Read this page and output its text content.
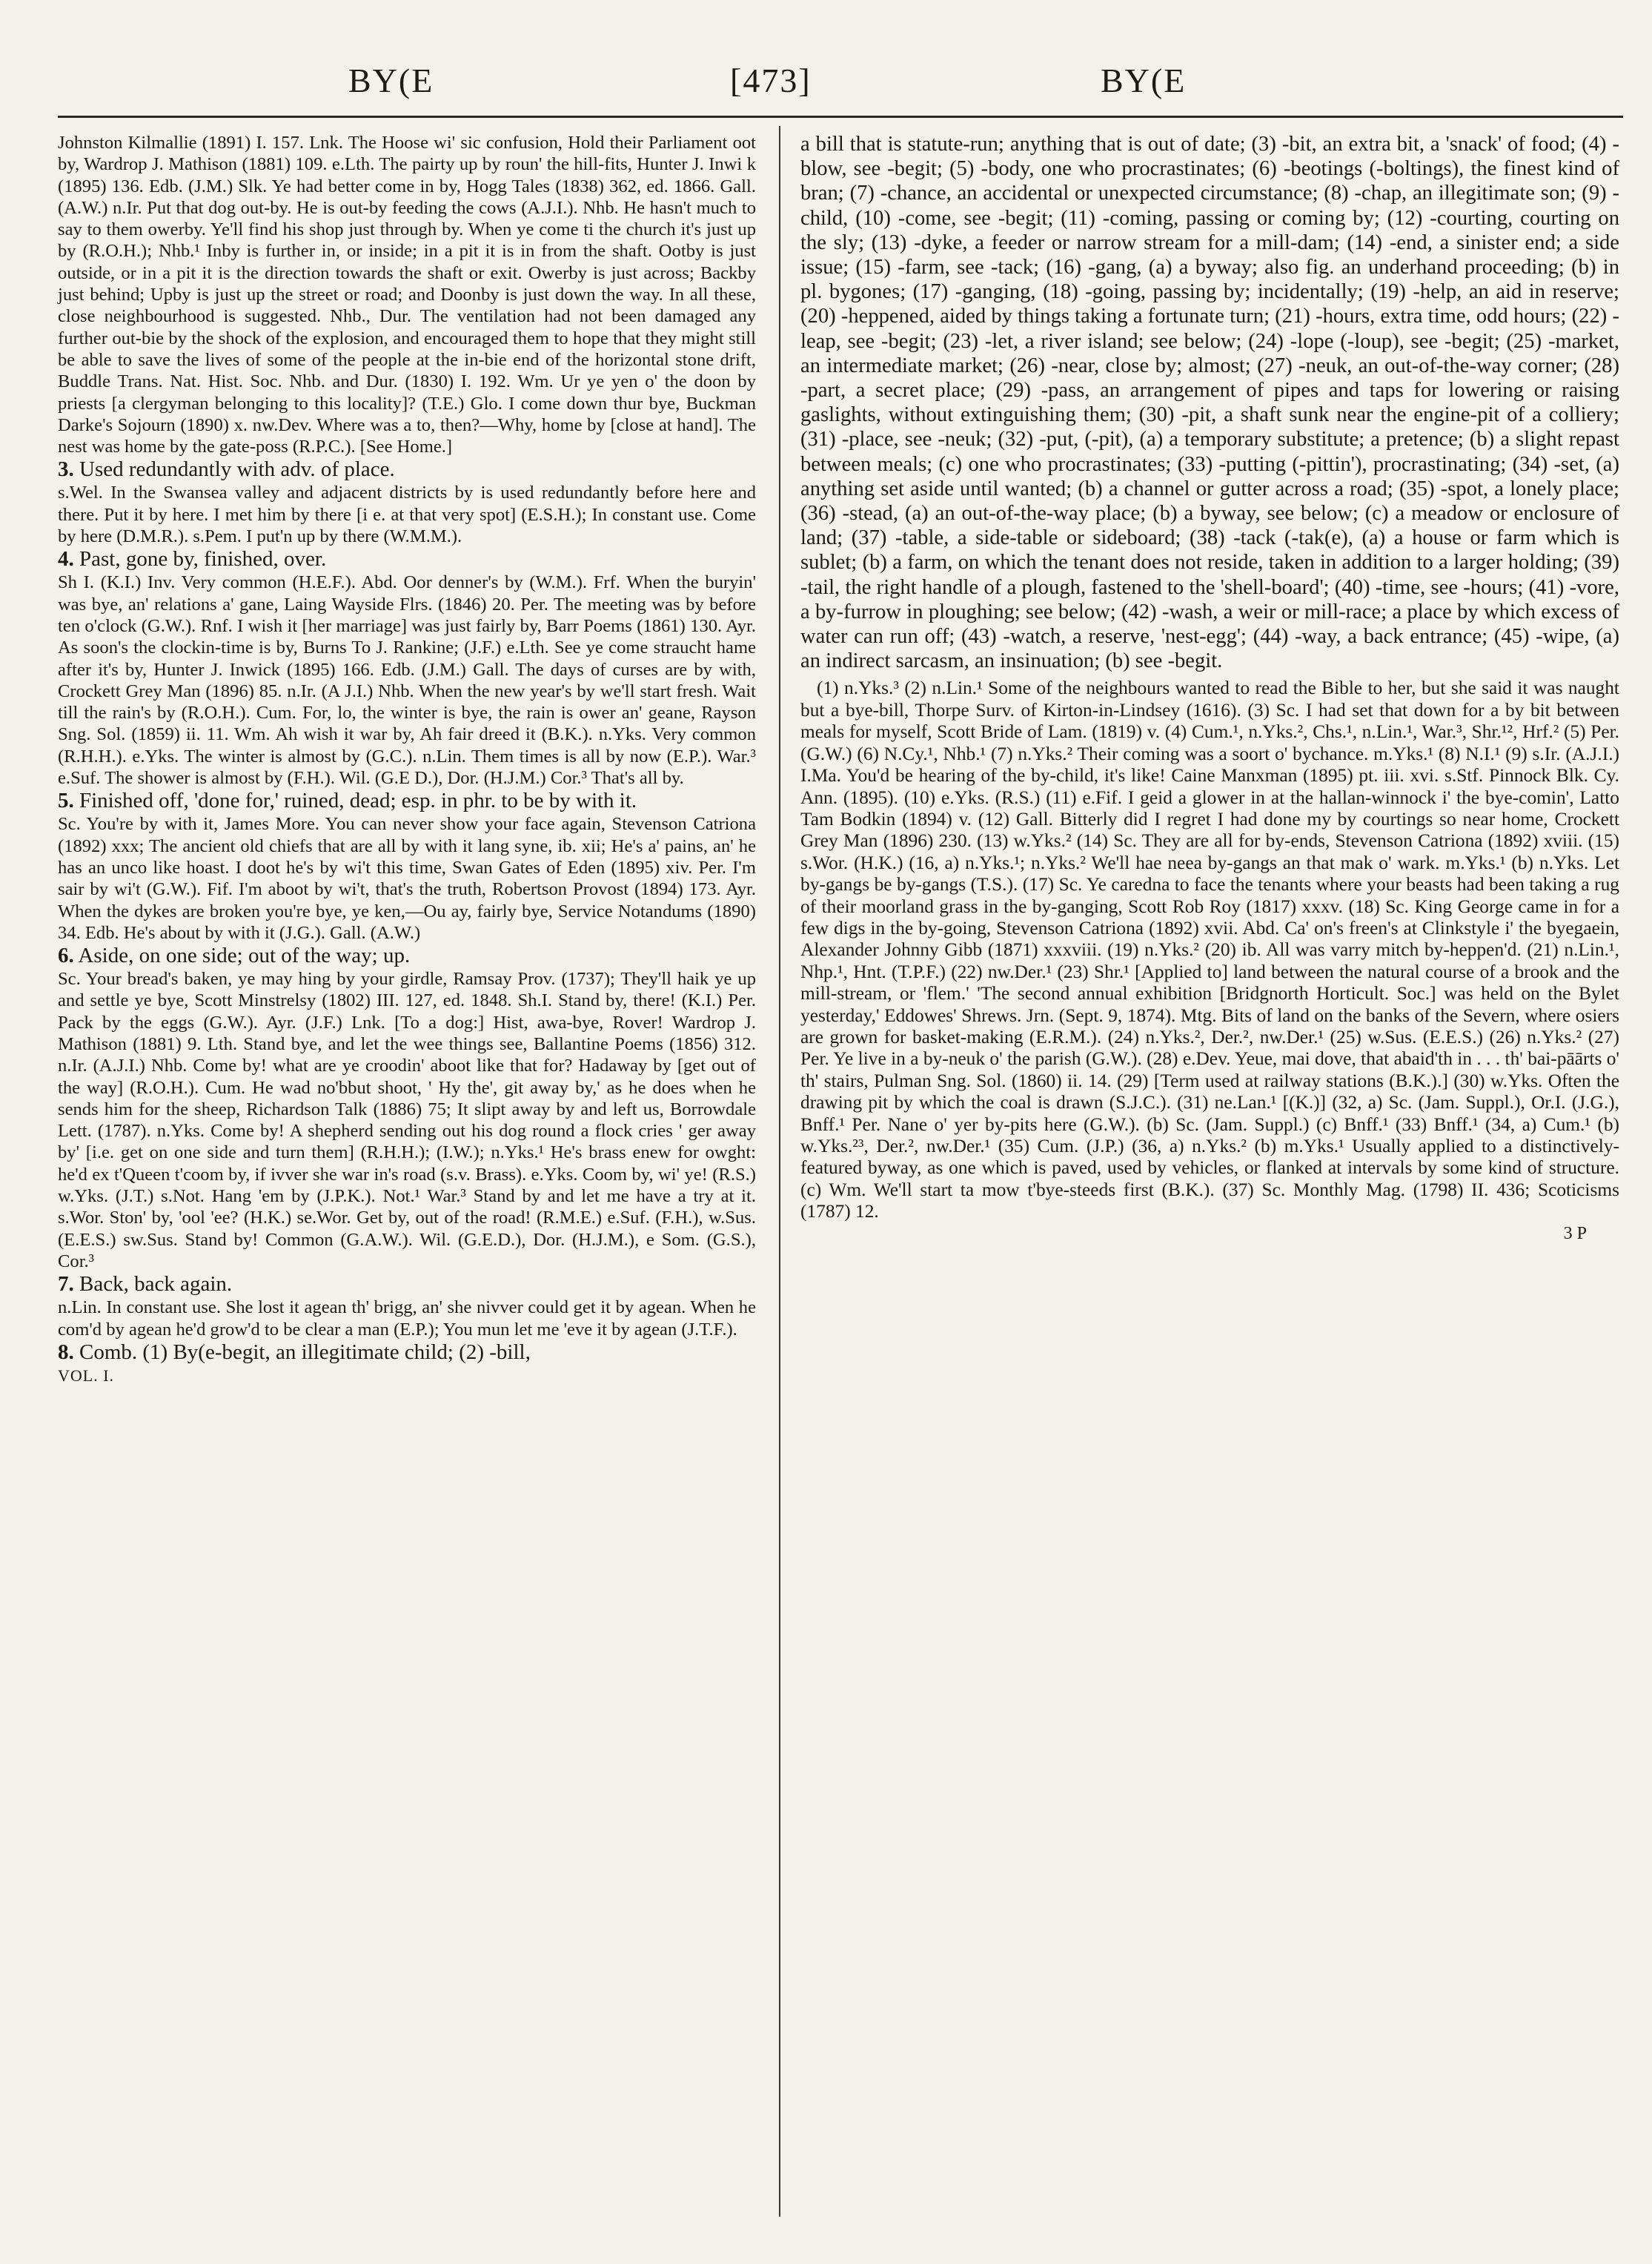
BY(E	[473]	BY(E

Johnston Kilmallie (1891) I. 157. Lnk. The Hoose wi' sic confusion, Hold their Parliament oot by, Wardrop J. Mathison (1881) 109. e.Lth. The pairty up by roun' the hill-fits, Hunter J. Inwi k (1895) 136. Edb. (J.M.) Slk. Ye had better come in by, Hogg Tales (1838) 362, ed. 1866. Gall. (A.W.) n.Ir. Put that dog out-by. He is out-by feeding the cows (A.J.I.). Nhb. He hasn't much to say to them owerby. Ye'll find his shop just through by. When ye come ti the church it's just up by (R.O.H.); Nhb.¹ Inby is further in, or inside; in a pit it is in from the shaft. Ootby is just outside, or in a pit it is the direction towards the shaft or exit. Owerby is just across; Backby just behind; Upby is just up the street or road; and Doonby is just down the way. In all these, close neighbourhood is suggested. Nhb., Dur. The ventilation had not been damaged any further out-bie by the shock of the explosion, and encouraged them to hope that they might still be able to save the lives of some of the people at the in-bie end of the horizontal stone drift, Buddle Trans. Nat. Hist. Soc. Nhb. and Dur. (1830) I. 192. Wm. Ur ye yen o' the doon by priests [a clergyman belonging to this locality]? (T.E.) Glo. I come down thur bye, Buckman Darke's Sojourn (1890) x. nw.Dev. Where was a to, then?—Why, home by [close at hand]. The nest was home by the gate-poss (R.P.C.). [See Home.]

3. Used redundantly with adv. of place.

s.Wel. In the Swansea valley and adjacent districts by is used redundantly before here and there. Put it by here. I met him by there [i e. at that very spot] (E.S.H.); In constant use. Come by here (D.M.R.). s.Pem. I put'n up by there (W.M.M.).

4. Past, gone by, finished, over.

Sh I. (K.I.) Inv. Very common (H.E.F.). Abd. Oor denner's by (W.M.). Frf. When the buryin' was bye, an' relations a' gane, Laing Wayside Flrs. (1846) 20. Per. The meeting was by before ten o'clock (G.W.). Rnf. I wish it [her marriage] was just fairly by, Barr Poems (1861) 130. Ayr. As soon's the clockin-time is by, Burns To J. Rankine; (J.F.) e.Lth. See ye come straucht hame after it's by, Hunter J. Inwick (1895) 166. Edb. (J.M.) Gall. The days of curses are by with, Crockett Grey Man (1896) 85. n.Ir. (A J.I.) Nhb. When the new year's by we'll start fresh. Wait till the rain's by (R.O.H.). Cum. For, lo, the winter is bye, the rain is ower an' geane, Rayson Sng. Sol. (1859) ii. 11. Wm. Ah wish it war by, Ah fair dreed it (B.K.). n.Yks. Very common (R.H.H.). e.Yks. The winter is almost by (G.C.). n.Lin. Them times is all by now (E.P.). War.³ e.Suf. The shower is almost by (F.H.). Wil. (G.E D.), Dor. (H.J.M.) Cor.³ That's all by.

5. Finished off, 'done for,' ruined, dead; esp. in phr. to be by with it.

Sc. You're by with it, James More. You can never show your face again, Stevenson Catriona (1892) xxx; The ancient old chiefs that are all by with it lang syne, ib. xii; He's a' pains, an' he has an unco like hoast. I doot he's by wi't this time, Swan Gates of Eden (1895) xiv. Per. I'm sair by wi't (G.W.). Fif. I'm aboot by wi't, that's the truth, Robertson Provost (1894) 173. Ayr. When the dykes are broken you're bye, ye ken,—Ou ay, fairly bye, Service Notandums (1890) 34. Edb. He's about by with it (J.G.). Gall. (A.W.)

6. Aside, on one side; out of the way; up.

Sc. Your bread's baken, ye may hing by your girdle, Ramsay Prov. (1737); They'll haik ye up and settle ye bye, Scott Minstrelsy (1802) III. 127, ed. 1848. Sh.I. Stand by, there! (K.I.) Per. Pack by the eggs (G.W.). Ayr. (J.F.) Lnk. [To a dog:] Hist, awa-bye, Rover! Wardrop J. Mathison (1881) 9. Lth. Stand bye, and let the wee things see, Ballantine Poems (1856) 312. n.Ir. (A.J.I.) Nhb. Come by! what are ye croodin' aboot like that for? Hadaway by [get out of the way] (R.O.H.). Cum. He wad no'bbut shoot, ' Hy the', git away by,' as he does when he sends him for the sheep, Richardson Talk (1886) 75; It slipt away by and left us, Borrowdale Lett. (1787). n.Yks. Come by! A shepherd sending out his dog round a flock cries ' ger away by' [i.e. get on one side and turn them] (R.H.H.); (I.W.); n.Yks.¹ He's brass enew for owght: he'd ex t'Queen t'coom by, if ivver she war in's road (s.v. Brass). e.Yks. Coom by, wi' ye! (R.S.) w.Yks. (J.T.) s.Not. Hang 'em by (J.P.K.). Not.¹ War.³ Stand by and let me have a try at it. s.Wor. Ston' by, 'ool 'ee? (H.K.) se.Wor. Get by, out of the road! (R.M.E.) e.Suf. (F.H.), w.Sus. (E.E.S.) sw.Sus. Stand by! Common (G.A.W.). Wil. (G.E.D.), Dor. (H.J.M.), e Som. (G.S.), Cor.³

7. Back, back again.

n.Lin. In constant use. She lost it agean th' brigg, an' she nivver could get it by agean. When he com'd by agean he'd grow'd to be clear a man (E.P.); You mun let me 'eve it by agean (J.T.F.).

8. Comb. (1) By(e-begit, an illegitimate child; (2) -bill,

VOL. I.

a bill that is statute-run; anything that is out of date; (3) -bit, an extra bit, a 'snack' of food; (4) -blow, see -begit; (5) -body, one who procrastinates; (6) -beotings (-boltings), the finest kind of bran; (7) -chance, an accidental or unexpected circumstance; (8) -chap, an illegitimate son; (9) -child, (10) -come, see -begit; (11) -coming, passing or coming by; (12) -courting, courting on the sly; (13) -dyke, a feeder or narrow stream for a mill-dam; (14) -end, a sinister end; a side issue; (15) -farm, see -tack; (16) -gang, (a) a byway; also fig. an underhand proceeding; (b) in pl. bygones; (17) -ganging, (18) -going, passing by; incidentally; (19) -help, an aid in reserve; (20) -heppened, aided by things taking a fortunate turn; (21) -hours, extra time, odd hours; (22) -leap, see -begit; (23) -let, a river island; see below; (24) -lope (-loup), see -begit; (25) -market, an intermediate market; (26) -near, close by; almost; (27) -neuk, an out-of-the-way corner; (28) -part, a secret place; (29) -pass, an arrangement of pipes and taps for lowering or raising gaslights, without extinguishing them; (30) -pit, a shaft sunk near the engine-pit of a colliery; (31) -place, see -neuk; (32) -put, (-pit), (a) a temporary substitute; a pretence; (b) a slight repast between meals; (c) one who procrastinates; (33) -putting (-pittin'), procrastinating; (34) -set, (a) anything set aside until wanted; (b) a channel or gutter across a road; (35) -spot, a lonely place; (36) -stead, (a) an out-of-the-way place; (b) a byway, see below; (c) a meadow or enclosure of land; (37) -table, a side-table or sideboard; (38) -tack (-tak(e), (a) a house or farm which is sublet; (b) a farm, on which the tenant does not reside, taken in addition to a larger holding; (39) -tail, the right handle of a plough, fastened to the 'shell-board'; (40) -time, see -hours; (41) -vore, a by-furrow in ploughing; see below; (42) -wash, a weir or mill-race; a place by which excess of water can run off; (43) -watch, a reserve, 'nest-egg'; (44) -way, a back entrance; (45) -wipe, (a) an indirect sarcasm, an insinuation; (b) see -begit.

(1) n.Yks.³ (2) n.Lin.¹ Some of the neighbours wanted to read the Bible to her, but she said it was naught but a bye-bill, Thorpe Surv. of Kirton-in-Lindsey (1616). (3) Sc. I had set that down for a by bit between meals for myself, Scott Bride of Lam. (1819) v. (4) Cum.¹, n.Yks.², Chs.¹, n.Lin.¹, War.³, Shr.¹², Hrf.² (5) Per. (G.W.) (6) N.Cy.¹, Nhb.¹ (7) n.Yks.² Their coming was a soort o' bychance. m.Yks.¹ (8) N.I.¹ (9) s.Ir. (A.J.I.) I.Ma. You'd be hearing of the by-child, it's like! Caine Manxman (1895) pt. iii. xvi. s.Stf. Pinnock Blk. Cy. Ann. (1895). (10) e.Yks. (R.S.) (11) e.Fif. I geid a glower in at the hallan-winnock i' the bye-comin', Latto Tam Bodkin (1894) v. (12) Gall. Bitterly did I regret I had done my by courtings so near home, Crockett Grey Man (1896) 230. (13) w.Yks.² (14) Sc. They are all for by-ends, Stevenson Catriona (1892) xviii. (15) s.Wor. (H.K.) (16, a) n.Yks.¹; n.Yks.² We'll hae neea by-gangs an that mak o' wark. m.Yks.¹ (b) n.Yks. Let by-gangs be by-gangs (T.S.). (17) Sc. Ye caredna to face the tenants where your beasts had been taking a rug of their moorland grass in the by-ganging, Scott Rob Roy (1817) xxxv. (18) Sc. King George came in for a few digs in the by-going, Stevenson Catriona (1892) xvii. Abd. Ca' on's freen's at Clinkstyle i' the byegaein, Alexander Johnny Gibb (1871) xxxviii. (19) n.Yks.² (20) ib. All was varry mitch by-heppen'd. (21) n.Lin.¹, Nhp.¹, Hnt. (T.P.F.) (22) nw.Der.¹ (23) Shr.¹ [Applied to] land between the natural course of a brook and the mill-stream, or 'flem.' 'The second annual exhibition [Bridgnorth Horticult. Soc.] was held on the Bylet yesterday,' Eddowes' Shrews. Jrn. (Sept. 9, 1874). Mtg. Bits of land on the banks of the Severn, where osiers are grown for basket-making (E.R.M.). (24) n.Yks.², Der.², nw.Der.¹ (25) w.Sus. (E.E.S.) (26) n.Yks.² (27) Per. Ye live in a by-neuk o' the parish (G.W.). (28) e.Dev. Yeue, mai dove, that abaid'th in . . . th' bai-pāārts o' th' stairs, Pulman Sng. Sol. (1860) ii. 14. (29) [Term used at railway stations (B.K.).] (30) w.Yks. Often the drawing pit by which the coal is drawn (S.J.C.). (31) ne.Lan.¹ [(K.)] (32, a) Sc. (Jam. Suppl.), Or.I. (J.G.), Bnff.¹ Per. Nane o' yer by-pits here (G.W.). (b) Sc. (Jam. Suppl.) (c) Bnff.¹ (33) Bnff.¹ (34, a) Cum.¹ (b) w.Yks.²³, Der.², nw.Der.¹ (35) Cum. (J.P.) (36, a) n.Yks.² (b) m.Yks.¹ Usually applied to a distinctively-featured byway, as one which is paved, used by vehicles, or flanked at intervals by some kind of structure. (c) Wm. We'll start ta mow t'bye-steeds first (B.K.). (37) Sc. Monthly Mag. (1798) II. 436; Scoticisms (1787) 12.

3 P
